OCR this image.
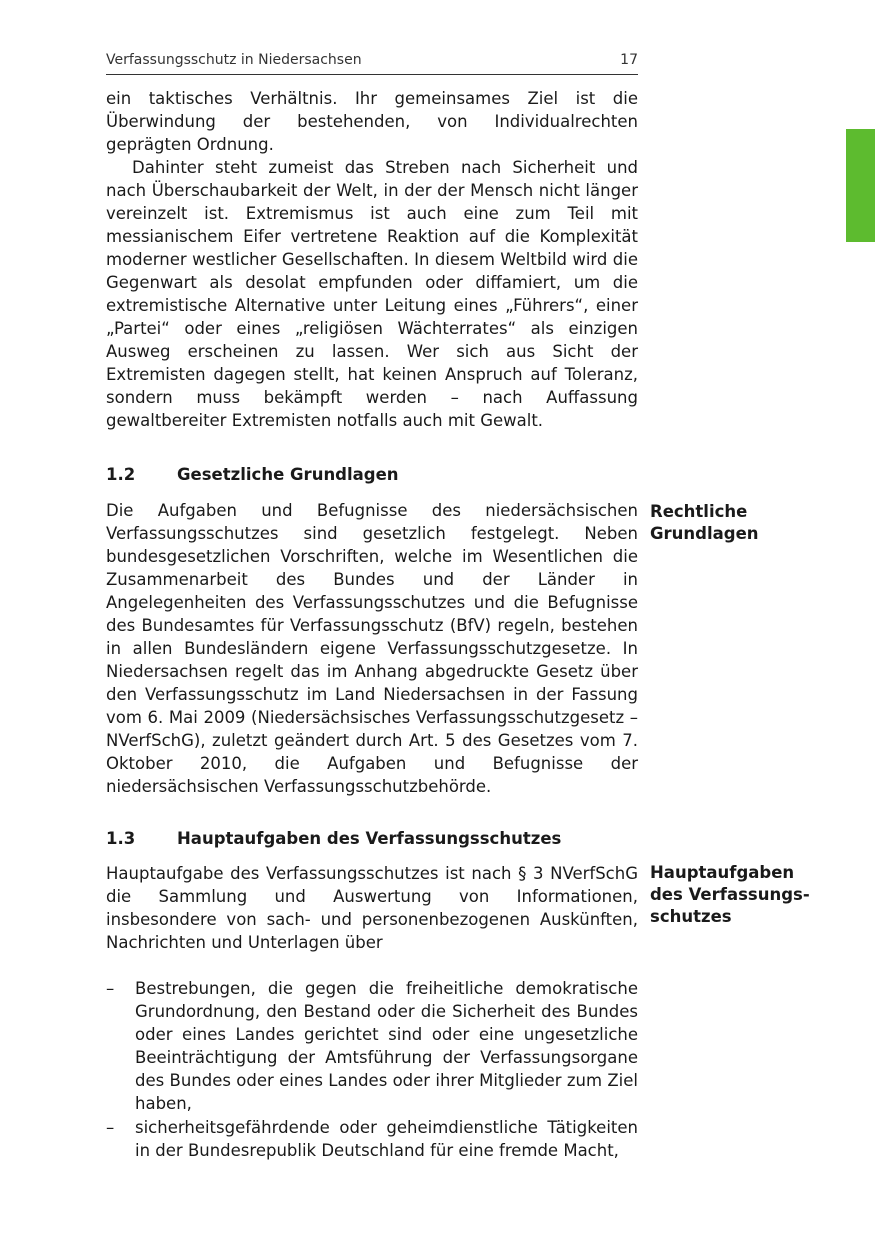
Verfassungsschutz in Niedersachsen	17

ein taktisches Verhältnis. Ihr gemeinsames Ziel ist die Überwindung der bestehenden, von Individualrechten geprägten Ordnung.

Dahinter steht zumeist das Streben nach Sicherheit und nach Überschaubarkeit der Welt, in der der Mensch nicht länger vereinzelt ist. Extremismus ist auch eine zum Teil mit messianischem Eifer vertretene Reaktion auf die Komplexität moderner westlicher Gesellschaften. In diesem Weltbild wird die Gegenwart als desolat empfunden oder diffamiert, um die extremistische Alternative unter Leitung eines „Führers“, einer „Partei“ oder eines „religiösen Wächterrates“ als einzigen Ausweg erscheinen zu lassen. Wer sich aus Sicht der Extremisten dagegen stellt, hat keinen Anspruch auf Toleranz, sondern muss bekämpft werden – nach Auffassung gewaltbereiter Extremisten notfalls auch mit Gewalt.

1.2	Gesetzliche Grundlagen
Rechtliche
Grundlagen

Die Aufgaben und Befugnisse des niedersächsischen Verfassungsschutzes sind gesetzlich festgelegt. Neben bundesgesetzlichen Vorschriften, welche im Wesentlichen die Zusammenarbeit des Bundes und der Länder in Angelegenheiten des Verfassungsschutzes und die Befugnisse des Bundesamtes für Verfassungsschutz (BfV) regeln, bestehen in allen Bundesländern eigene Verfassungsschutzgesetze. In Niedersachsen regelt das im Anhang abgedruckte Gesetz über den Verfassungsschutz im Land Niedersachsen in der Fassung vom 6. Mai 2009 (Niedersächsisches Verfassungsschutzgesetz – NVerfSchG), zuletzt geändert durch Art. 5 des Gesetzes vom 7. Oktober 2010, die Aufgaben und Befugnisse der niedersächsischen Verfassungsschutzbehörde.

1.3	Hauptaufgaben des Verfassungsschutzes
Hauptaufgaben
des Verfassungs-
schutzes

Hauptaufgabe des Verfassungsschutzes ist nach § 3 NVerfSchG die Sammlung und Auswertung von Informationen, insbesondere von sach- und personenbezogenen Auskünften, Nachrichten und Unterlagen über

– Bestrebungen, die gegen die freiheitliche demokratische Grundordnung, den Bestand oder die Sicherheit des Bundes oder eines Landes gerichtet sind oder eine ungesetzliche Beeinträchtigung der Amtsführung der Verfassungsorgane des Bundes oder eines Landes oder ihrer Mitglieder zum Ziel haben,

– sicherheitsgefährdende oder geheimdienstliche Tätigkeiten in der Bundesrepublik Deutschland für eine fremde Macht,
